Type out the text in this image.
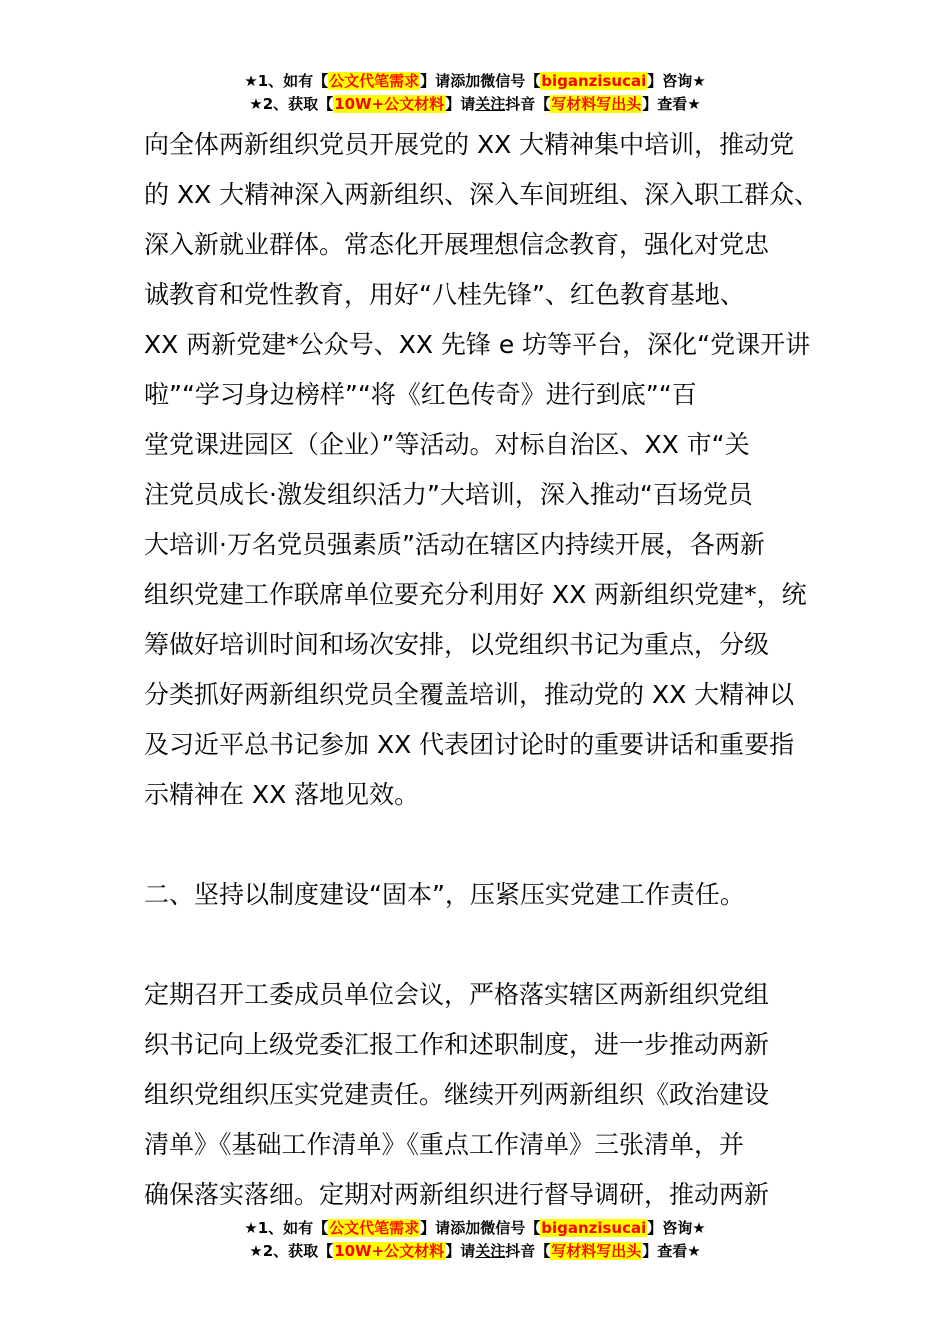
★1、如有【公文代笔需求】请添加微信号【biganzisucai】咨询★
★2、获取【10W+公文材料】请关注抖音【写材料写出头】查看★
向全体两新组织党员开展党的 XX 大精神集中培训，推动党
的 XX 大精神深入两新组织、深入车间班组、深入职工群众、
深入新就业群体。常态化开展理想信念教育，强化对党忠
诚教育和党性教育，用好“八桂先锋”、红色教育基地、
XX 两新党建*公众号、XX 先锋 e 坊等平台，深化“党课开讲
啦”“学习身边榜样”“将《红色传奇》进行到底”“百
堂党课进园区（企业）”等活动。对标自治区、XX 市“关
注党员成长·激发组织活力”大培训，深入推动“百场党员
大培训·万名党员强素质”活动在辖区内持续开展，各两新
组织党建工作联席单位要充分利用好 XX 两新组织党建*，统
筹做好培训时间和场次安排，以党组织书记为重点，分级
分类抓好两新组织党员全覆盖培训，推动党的 XX 大精神以
及习近平总书记参加 XX 代表团讨论时的重要讲话和重要指
示精神在 XX 落地见效。
二、坚持以制度建设“固本”，压紧压实党建工作责任。
定期召开工委成员单位会议，严格落实辖区两新组织党组
织书记向上级党委汇报工作和述职制度，进一步推动两新
组织党组织压实党建责任。继续开列两新组织《政治建设
清单》《基础工作清单》《重点工作清单》三张清单，并
确保落实落细。定期对两新组织进行督导调研，推动两新
★1、如有【公文代笔需求】请添加微信号【biganzisucai】咨询★
★2、获取【10W+公文材料】请关注抖音【写材料写出头】查看★
